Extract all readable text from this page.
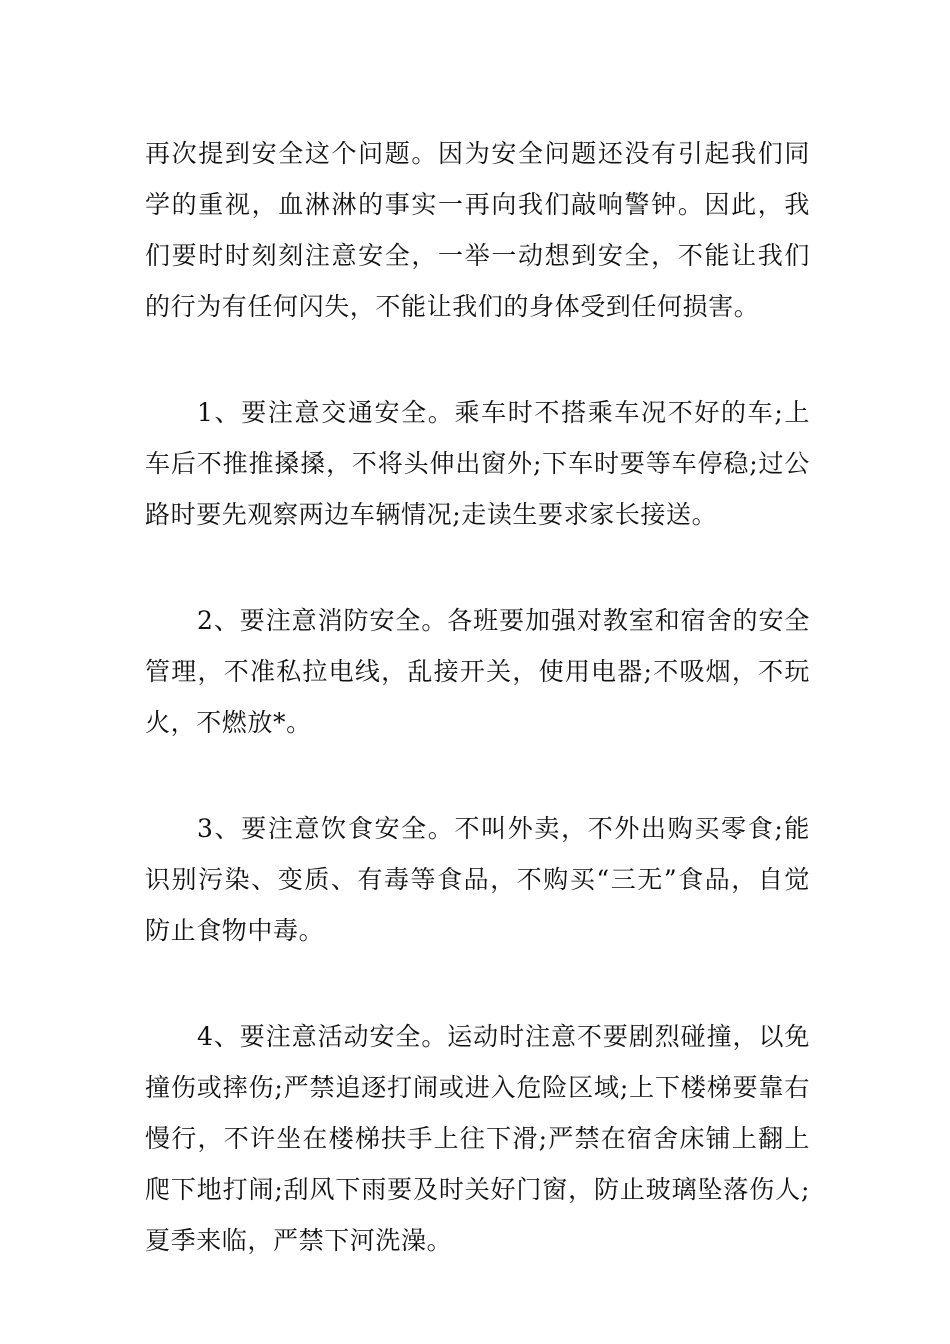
再次提到安全这个问题。因为安全问题还没有引起我们同学的重视，血淋淋的事实一再向我们敲响警钟。因此，我们要时时刻刻注意安全，一举一动想到安全，不能让我们的行为有任何闪失，不能让我们的身体受到任何损害。

1、要注意交通安全。乘车时不搭乘车况不好的车;上车后不推推搡搡，不将头伸出窗外;下车时要等车停稳;过公路时要先观察两边车辆情况;走读生要求家长接送。

2、要注意消防安全。各班要加强对教室和宿舍的安全管理，不准私拉电线，乱接开关，使用电器;不吸烟，不玩火，不燃放*。

3、要注意饮食安全。不叫外卖，不外出购买零食;能识别污染、变质、有毒等食品，不购买“三无”食品，自觉防止食物中毒。

4、要注意活动安全。运动时注意不要剧烈碰撞，以免撞伤或摔伤;严禁追逐打闹或进入危险区域;上下楼梯要靠右慢行，不许坐在楼梯扶手上往下滑;严禁在宿舍床铺上翻上爬下地打闹;刮风下雨要及时关好门窗，防止玻璃坠落伤人;夏季来临，严禁下河洗澡。
